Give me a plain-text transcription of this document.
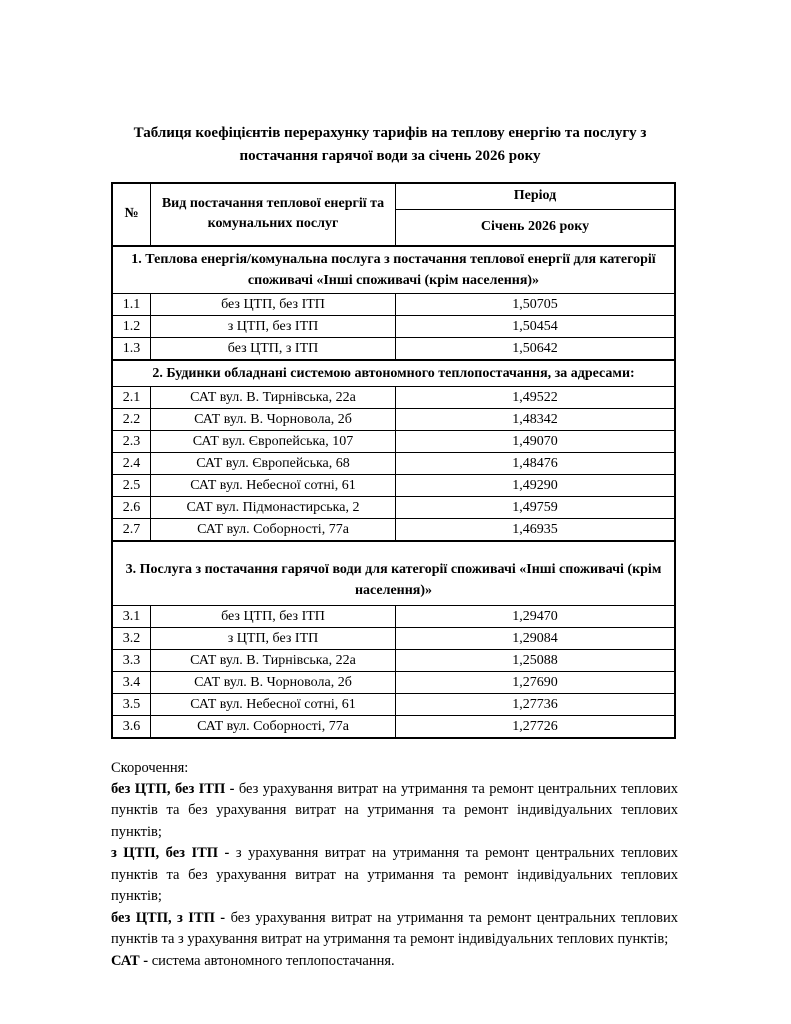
Таблиця коефіцієнтів перерахунку тарифів на теплову енергію та послугу з
постачання гарячої води за січень 2026 року
№	Вид постачання теплової енергії та комунальних послуг	Період
		Січень 2026 року
1. Теплова енергія/комунальна послуга з постачання теплової енергії для категорії споживачі «Інші споживачі (крім населення)»		
1.1	без ЦТП, без ІТП	1,50705
1.2	з ЦТП, без ІТП	1,50454
1.3	без ЦТП, з ІТП	1,50642
2. Будинки обладнані системою автономного теплопостачання, за адресами:		
2.1	САТ вул. В. Тирнівська, 22а	1,49522
2.2	САТ вул. В. Чорновола, 2б	1,48342
2.3	САТ вул. Європейська, 107	1,49070
2.4	САТ вул. Європейська, 68	1,48476
2.5	САТ вул. Небесної сотні, 61	1,49290
2.6	САТ вул. Підмонастирська, 2	1,49759
2.7	САТ вул. Соборності, 77а	1,46935
3. Послуга з постачання гарячої води для категорії споживачі «Інші споживачі (крім населення)»		
3.1	без ЦТП, без ІТП	1,29470
3.2	з ЦТП, без ІТП	1,29084
3.3	САТ вул. В. Тирнівська, 22а	1,25088
3.4	САТ вул. В. Чорновола, 2б	1,27690
3.5	САТ вул. Небесної сотні, 61	1,27736
3.6	САТ вул. Соборності, 77а	1,27726

Скорочення:

без ЦТП, без ІТП - без урахування витрат на утримання та ремонт центральних теплових пунктів та без урахування витрат на утримання та ремонт індивідуальних теплових пунктів;

з ЦТП, без ІТП - з урахування витрат на утримання та ремонт центральних теплових пунктів та без урахування витрат на утримання та ремонт індивідуальних теплових пунктів;

без ЦТП, з ІТП - без урахування витрат на утримання та ремонт центральних теплових пунктів та з урахування витрат на утримання та ремонт індивідуальних теплових пунктів;

САТ - система автономного теплопостачання.
